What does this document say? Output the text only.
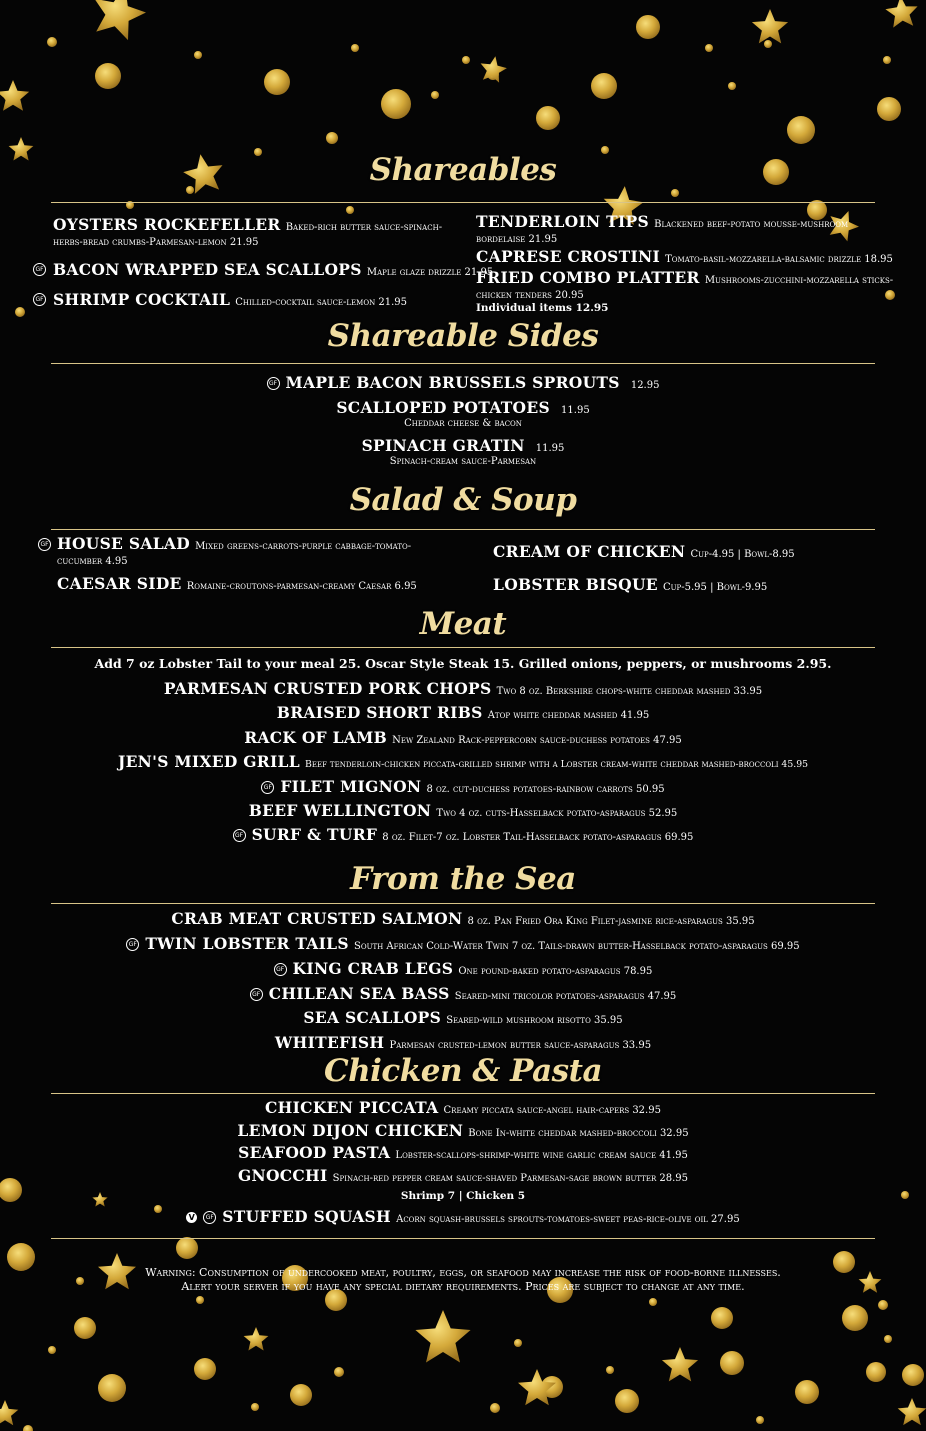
Shareables
OYSTERS ROCKEFELLER Baked-rich butter sauce-spinach-
herbs-bread crumbs-Parmesan-lemon 21.95
GF BACON WRAPPED SEA SCALLOPS Maple glaze drizzle 21.95
GF SHRIMP COCKTAIL Chilled-cocktail sauce-lemon 21.95
TENDERLOIN TIPS Blackened beef-potato mousse-mushroom
bordelaise 21.95
CAPRESE CROSTINI Tomato-basil-mozzarella-balsamic drizzle 18.95
FRIED COMBO PLATTER Mushrooms-zucchini-mozzarella sticks-
chicken tenders 20.95
Individual items 12.95
Shareable Sides
GF MAPLE BACON BRUSSELS SPROUTS 12.95
SCALLOPED POTATOES 11.95
Cheddar cheese & bacon
SPINACH GRATIN 11.95
Spinach-cream sauce-Parmesan
Salad & Soup
GF HOUSE SALAD Mixed greens-carrots-purple cabbage-tomato-
cucumber 4.95
CAESAR SIDE Romaine-croutons-parmesan-creamy Caesar 6.95
CREAM OF CHICKEN Cup-4.95 | Bowl-8.95
LOBSTER BISQUE Cup-5.95 | Bowl-9.95
Meat
Add 7 oz Lobster Tail to your meal 25. Oscar Style Steak 15. Grilled onions, peppers, or mushrooms 2.95.
PARMESAN CRUSTED PORK CHOPS Two 8 oz. Berkshire chops-white cheddar mashed 33.95
BRAISED SHORT RIBS Atop white cheddar mashed 41.95
RACK OF LAMB New Zealand Rack-peppercorn sauce-duchess potatoes 47.95
JEN'S MIXED GRILL Beef tenderloin-chicken piccata-grilled shrimp with a Lobster cream-white cheddar mashed-broccoli 45.95
GF FILET MIGNON 8 oz. cut-duchess potatoes-rainbow carrots 50.95
BEEF WELLINGTON Two 4 oz. cuts-Hasselback potato-asparagus 52.95
GF SURF & TURF 8 oz. Filet-7 oz. Lobster Tail-Hasselback potato-asparagus 69.95
From the Sea
CRAB MEAT CRUSTED SALMON 8 oz. Pan Fried Ora King Filet-jasmine rice-asparagus 35.95
GF TWIN LOBSTER TAILS South African Cold-Water Twin 7 oz. Tails-drawn butter-Hasselback potato-asparagus 69.95
GF KING CRAB LEGS One pound-baked potato-asparagus 78.95
GF CHILEAN SEA BASS Seared-mini tricolor potatoes-asparagus 47.95
SEA SCALLOPS Seared-wild mushroom risotto 35.95
WHITEFISH Parmesan crusted-lemon butter sauce-asparagus 33.95
Chicken & Pasta
CHICKEN PICCATA Creamy piccata sauce-angel hair-capers 32.95
LEMON DIJON CHICKEN Bone In-white cheddar mashed-broccoli 32.95
SEAFOOD PASTA Lobster-scallops-shrimp-white wine garlic cream sauce 41.95
GNOCCHI Spinach-red pepper cream sauce-shaved Parmesan-sage brown butter 28.95
Shrimp 7 | Chicken 5
V GF STUFFED SQUASH Acorn squash-brussels sprouts-tomatoes-sweet peas-rice-olive oil 27.95
Warning: Consumption of undercooked meat, poultry, eggs, or seafood may increase the risk of food-borne illnesses.
Alert your server if you have any special dietary requirements. Prices are subject to change at any time.
